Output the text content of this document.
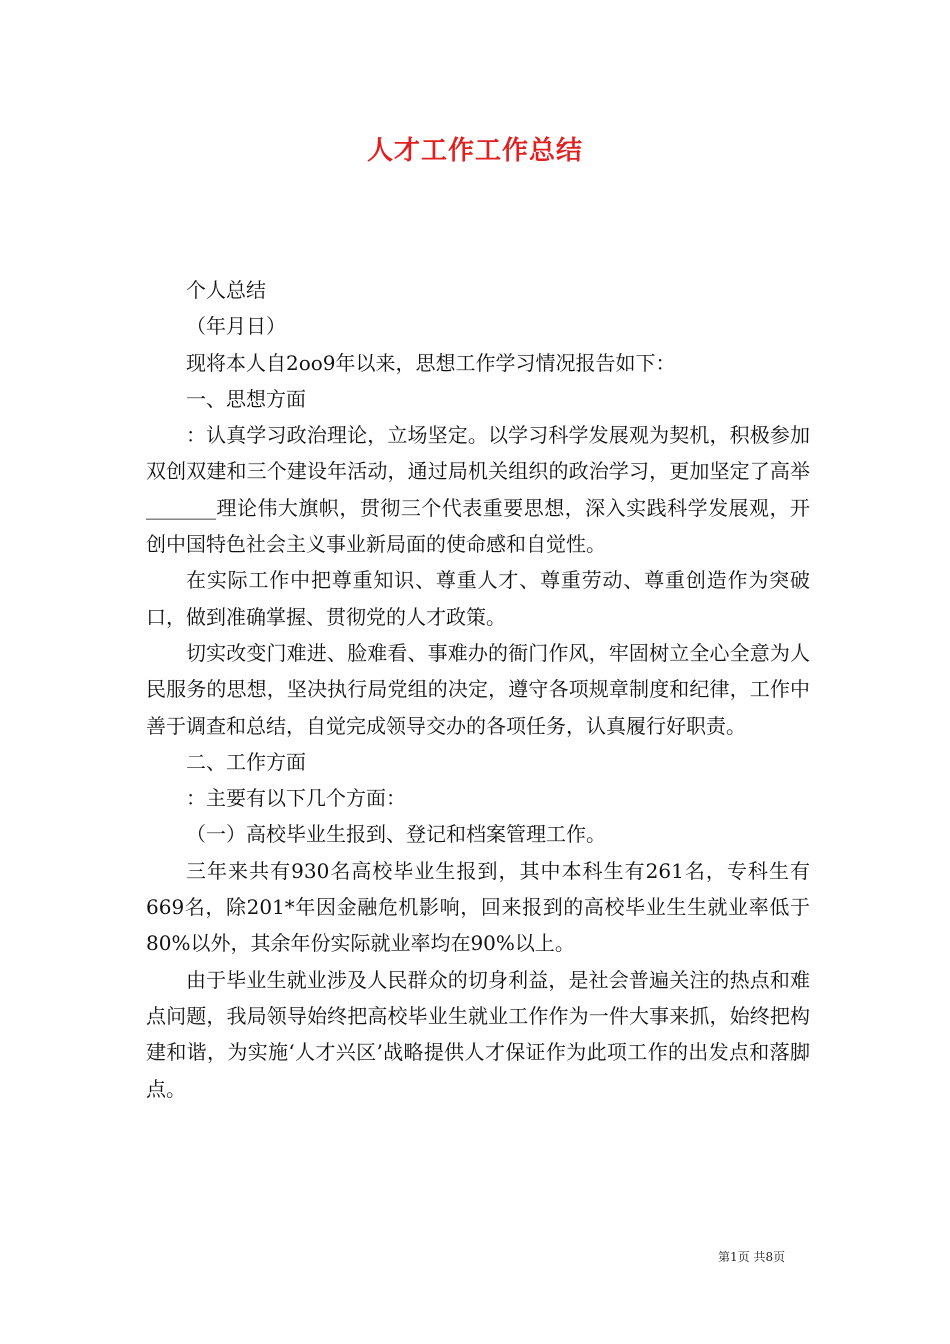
人才工作工作总结

个人总结

（年月日）

现将本人自2oo9年以来，思想工作学习情况报告如下：

一、思想方面

：认真学习政治理论，立场坚定。以学习科学发展观为契机，积极参加双创双建和三个建设年活动，通过局机关组织的政治学习，更加坚定了高举_______理论伟大旗帜，贯彻三个代表重要思想，深入实践科学发展观，开创中国特色社会主义事业新局面的使命感和自觉性。

在实际工作中把尊重知识、尊重人才、尊重劳动、尊重创造作为突破口，做到准确掌握、贯彻党的人才政策。

切实改变门难进、脸难看、事难办的衙门作风，牢固树立全心全意为人民服务的思想，坚决执行局党组的决定，遵守各项规章制度和纪律，工作中善于调查和总结，自觉完成领导交办的各项任务，认真履行好职责。

二、工作方面

：主要有以下几个方面：

（一）高校毕业生报到、登记和档案管理工作。

三年来共有930名高校毕业生报到，其中本科生有261名，专科生有669名，除201*年因金融危机影响，回来报到的高校毕业生生就业率低于80%以外，其余年份实际就业率均在90%以上。

由于毕业生就业涉及人民群众的切身利益，是社会普遍关注的热点和难点问题，我局领导始终把高校毕业生就业工作作为一件大事来抓，始终把构建和谐，为实施‘人才兴区’战略提供人才保证作为此项工作的出发点和落脚点。

第1页 共8页
